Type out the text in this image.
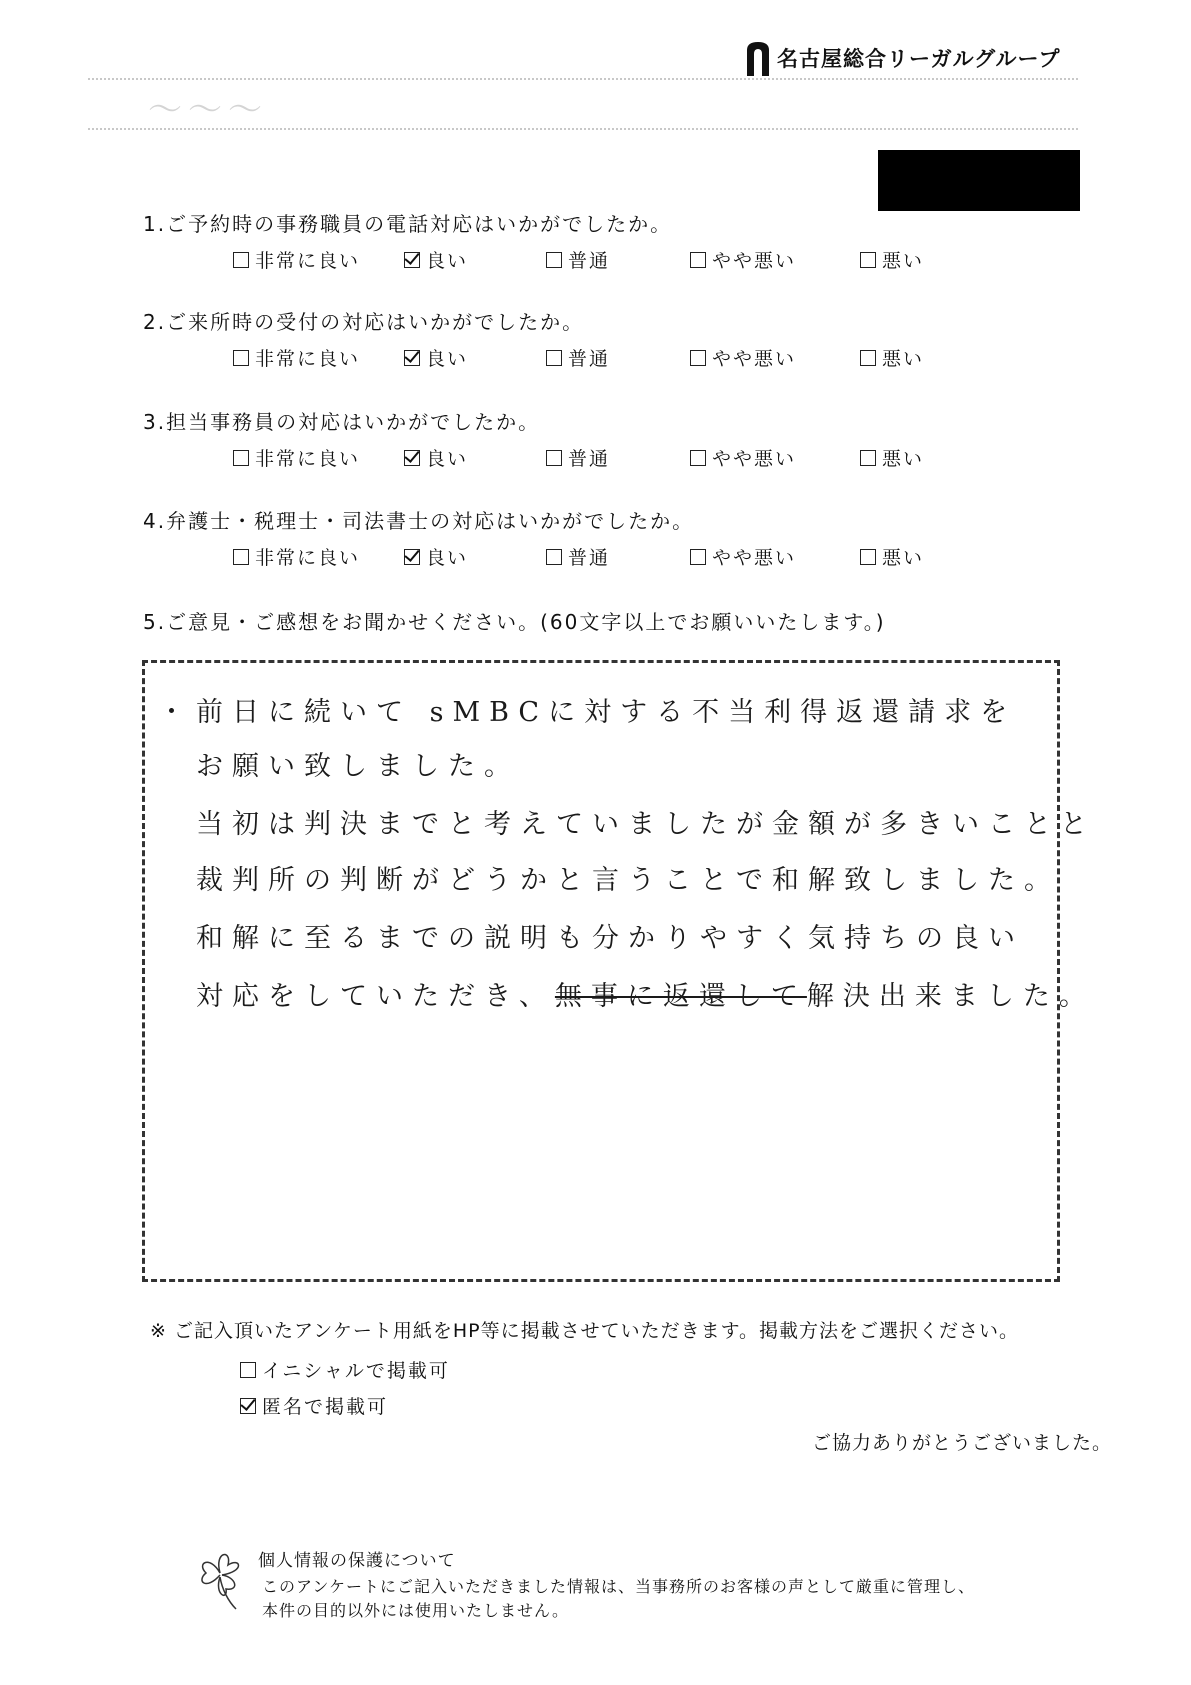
名古屋総合リーガルグループ
～～～
1.ご予約時の事務職員の電話対応はいかがでしたか。
非常に良い	良い	普通	やや悪い	悪い
2.ご来所時の受付の対応はいかがでしたか。
非常に良い	良い	普通	やや悪い	悪い
3.担当事務員の対応はいかがでしたか。
非常に良い	良い	普通	やや悪い	悪い
4.弁護士・税理士・司法書士の対応はいかがでしたか。
非常に良い	良い	普通	やや悪い	悪い
5.ご意見・ご感想をお聞かせください。(60文字以上でお願いいたします。)
・ 前日に続いて sMBCに対する不当利得返還請求を
お願い致しました。
当初は判決までと考えていましたが金額が多きいことと
裁判所の判断がどうかと言うことで和解致しました。
和解に至るまでの説明も分かりやすく気持ちの良い
対応をしていただき、無事に返還して解決出来ました。
※ ご記入頂いたアンケート用紙をHP等に掲載させていただきます。掲載方法をご選択ください。
イニシャルで掲載可
匿名で掲載可
ご協力ありがとうございました。
個人情報の保護について
このアンケートにご記入いただきました情報は、当事務所のお客様の声として厳重に管理し、
本件の目的以外には使用いたしません。
